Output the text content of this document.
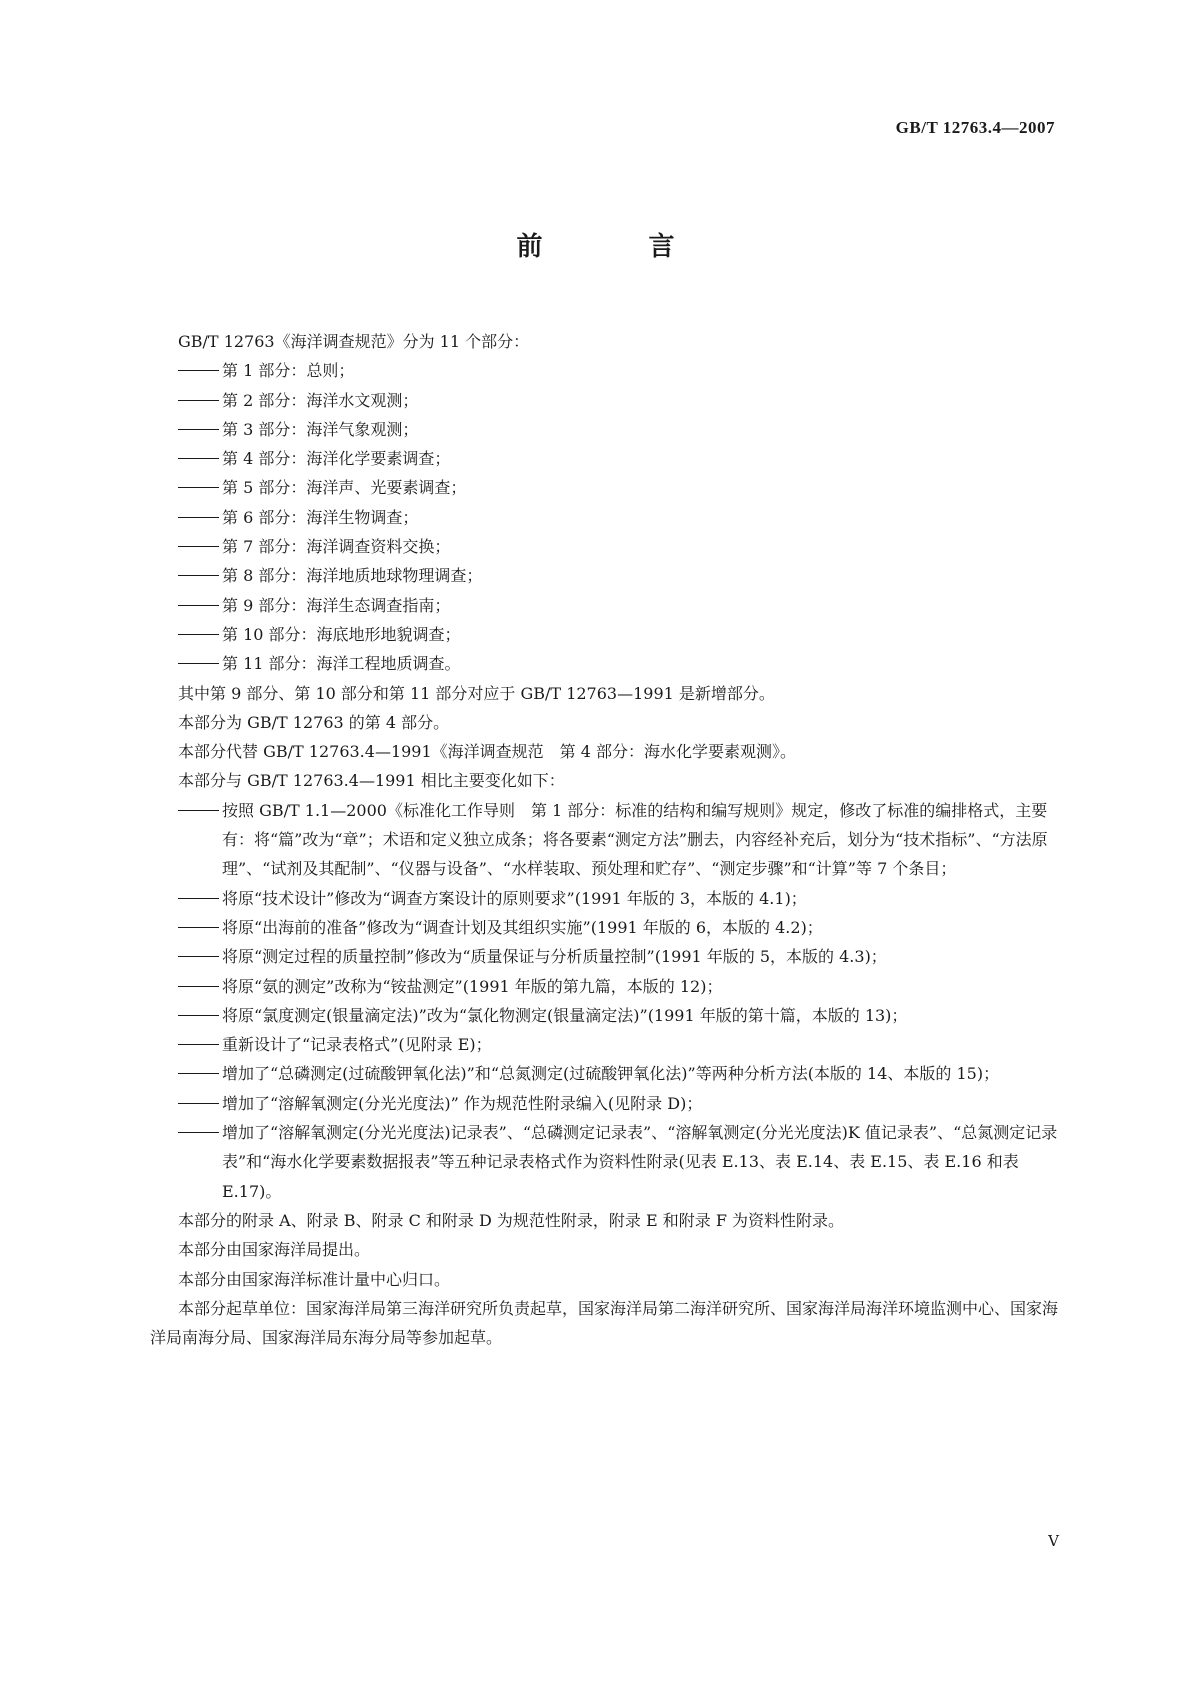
GB/T 12763.4—2007
前　言

GB/T 12763《海洋调查规范》分为 11 个部分：

第 1 部分：总则；

第 2 部分：海洋水文观测；

第 3 部分：海洋气象观测；

第 4 部分：海洋化学要素调查；

第 5 部分：海洋声、光要素调查；

第 6 部分：海洋生物调查；

第 7 部分：海洋调查资料交换；

第 8 部分：海洋地质地球物理调查；

第 9 部分：海洋生态调查指南；

第 10 部分：海底地形地貌调查；

第 11 部分：海洋工程地质调查。

其中第 9 部分、第 10 部分和第 11 部分对应于 GB/T 12763—1991 是新增部分。

本部分为 GB/T 12763 的第 4 部分。

本部分代替 GB/T 12763.4—1991《海洋调查规范　第 4 部分：海水化学要素观测》。

本部分与 GB/T 12763.4—1991 相比主要变化如下：

按照 GB/T 1.1—2000《标准化工作导则　第 1 部分：标准的结构和编写规则》规定，修改了标准的编排格式，主要有：将“篇”改为“章”；术语和定义独立成条；将各要素“测定方法”删去，内容经补充后，划分为“技术指标”、“方法原理”、“试剂及其配制”、“仪器与设备”、“水样装取、预处理和贮存”、“测定步骤”和“计算”等 7 个条目；

将原“技术设计”修改为“调查方案设计的原则要求”(1991 年版的 3，本版的 4.1)；

将原“出海前的准备”修改为“调查计划及其组织实施”(1991 年版的 6，本版的 4.2)；

将原“测定过程的质量控制”修改为“质量保证与分析质量控制”(1991 年版的 5，本版的 4.3)；

将原“氨的测定”改称为“铵盐测定”(1991 年版的第九篇，本版的 12)；

将原“氯度测定(银量滴定法)”改为“氯化物测定(银量滴定法)”(1991 年版的第十篇，本版的 13)；

重新设计了“记录表格式”(见附录 E)；

增加了“总磷测定(过硫酸钾氧化法)”和“总氮测定(过硫酸钾氧化法)”等两种分析方法(本版的 14、本版的 15)；

增加了“溶解氧测定(分光光度法)” 作为规范性附录编入(见附录 D)；

增加了“溶解氧测定(分光光度法)记录表”、“总磷测定记录表”、“溶解氧测定(分光光度法)K 值记录表”、“总氮测定记录表”和“海水化学要素数据报表”等五种记录表格式作为资料性附录(见表 E.13、表 E.14、表 E.15、表 E.16 和表 E.17)。

本部分的附录 A、附录 B、附录 C 和附录 D 为规范性附录，附录 E 和附录 F 为资料性附录。

本部分由国家海洋局提出。

本部分由国家海洋标准计量中心归口。

本部分起草单位：国家海洋局第三海洋研究所负责起草，国家海洋局第二海洋研究所、国家海洋局海洋环境监测中心、国家海洋局南海分局、国家海洋局东海分局等参加起草。

V
